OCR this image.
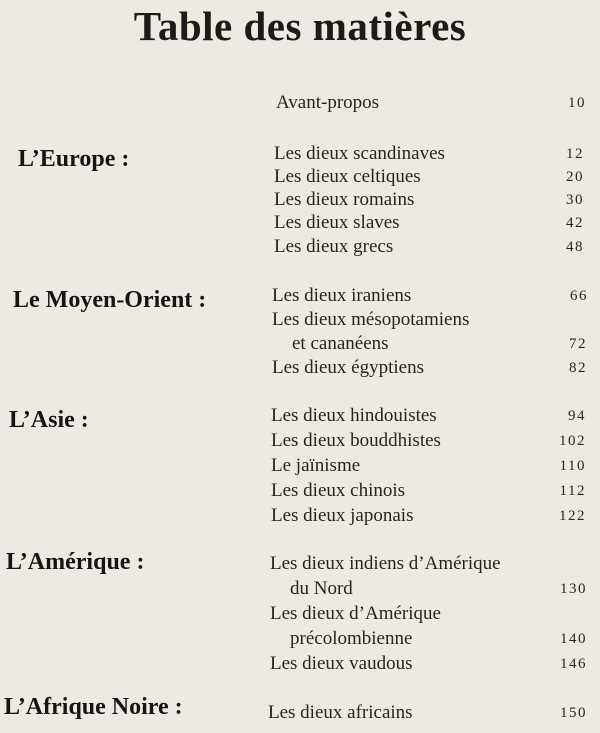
Table des matières
Avant-propos	10
L’Europe :	Les dieux scandinaves	12
Les dieux celtiques	20
Les dieux romains	30
Les dieux slaves	42
Les dieux grecs	48
Le Moyen-Orient :	Les dieux iraniens	66
Les dieux mésopotamiens
et cananéens	72
Les dieux égyptiens	82
L’Asie :	Les dieux hindouistes	94
Les dieux bouddhistes	102
Le jaïnisme	110
Les dieux chinois	112
Les dieux japonais	122
L’Amérique :	Les dieux indiens d’Amérique
du Nord	130
Les dieux d’Amérique
précolombienne	140
Les dieux vaudous	146
L’Afrique Noire :	Les dieux africains	150
